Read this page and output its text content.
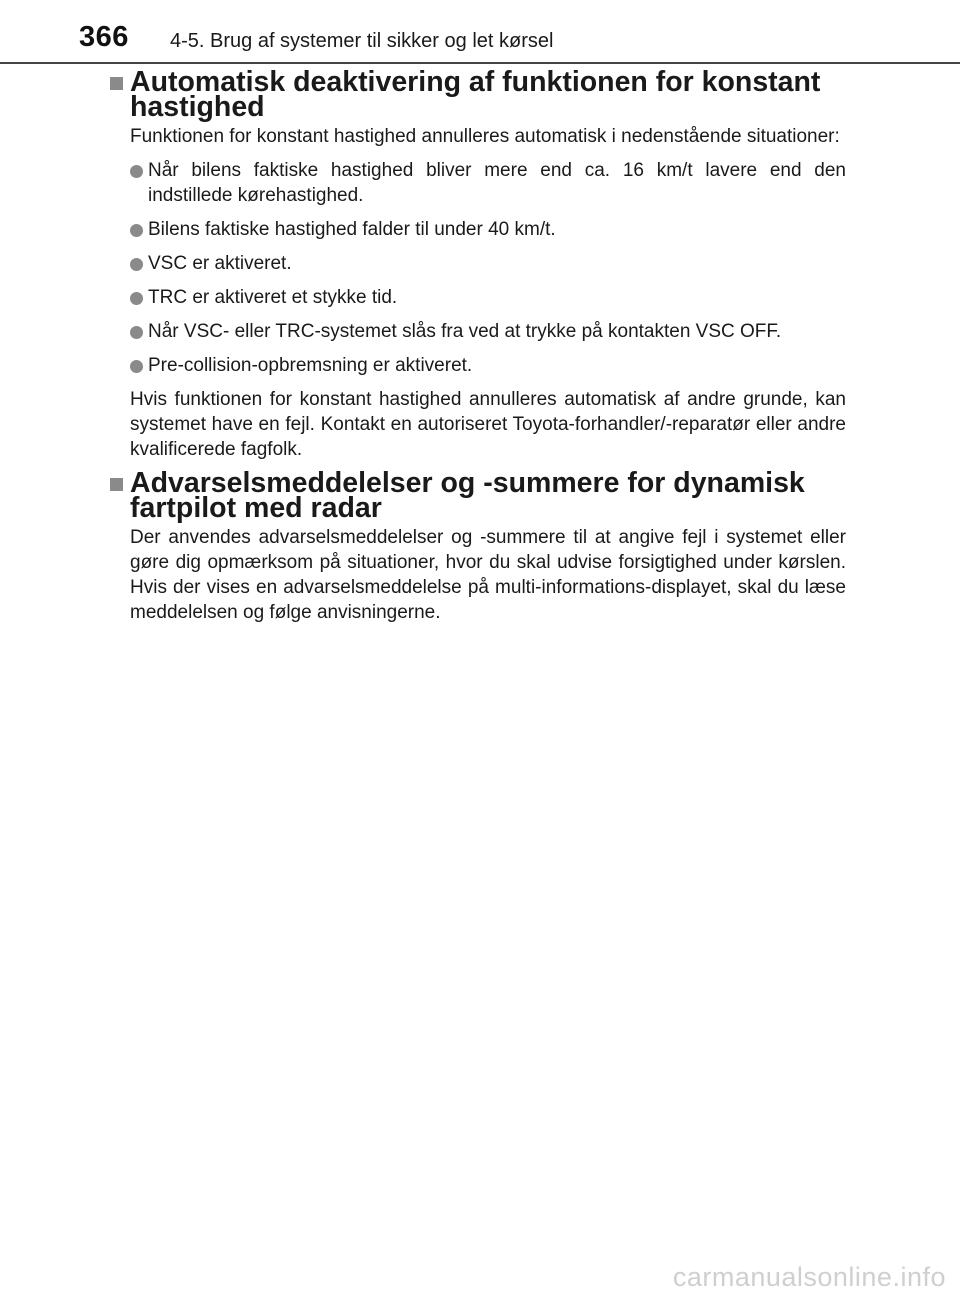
366 4-5. Brug af systemer til sikker og let kørsel
Automatisk deaktivering af funktionen for konstant hastighed

Funktionen for konstant hastighed annulleres automatisk i nedenstående situationer:

Når bilens faktiske hastighed bliver mere end ca. 16 km/t lavere end den indstillede kørehastighed.
Bilens faktiske hastighed falder til under 40 km/t.
VSC er aktiveret.
TRC er aktiveret et stykke tid.
Når VSC- eller TRC-systemet slås fra ved at trykke på kontakten VSC OFF.
Pre-collision-opbremsning er aktiveret.

Hvis funktionen for konstant hastighed annulleres automatisk af andre grunde, kan systemet have en fejl. Kontakt en autoriseret Toyota-forhandler/-reparatør eller andre kvalificerede fagfolk.

Advarselsmeddelelser og -summere for dynamisk fartpilot med radar

Der anvendes advarselsmeddelelser og -summere til at angive fejl i systemet eller gøre dig opmærksom på situationer, hvor du skal udvise forsigtighed under kørslen. Hvis der vises en advarselsmeddelelse på multi-informations-displayet, skal du læse meddelelsen og følge anvisningerne.

carmanualsonline.info
